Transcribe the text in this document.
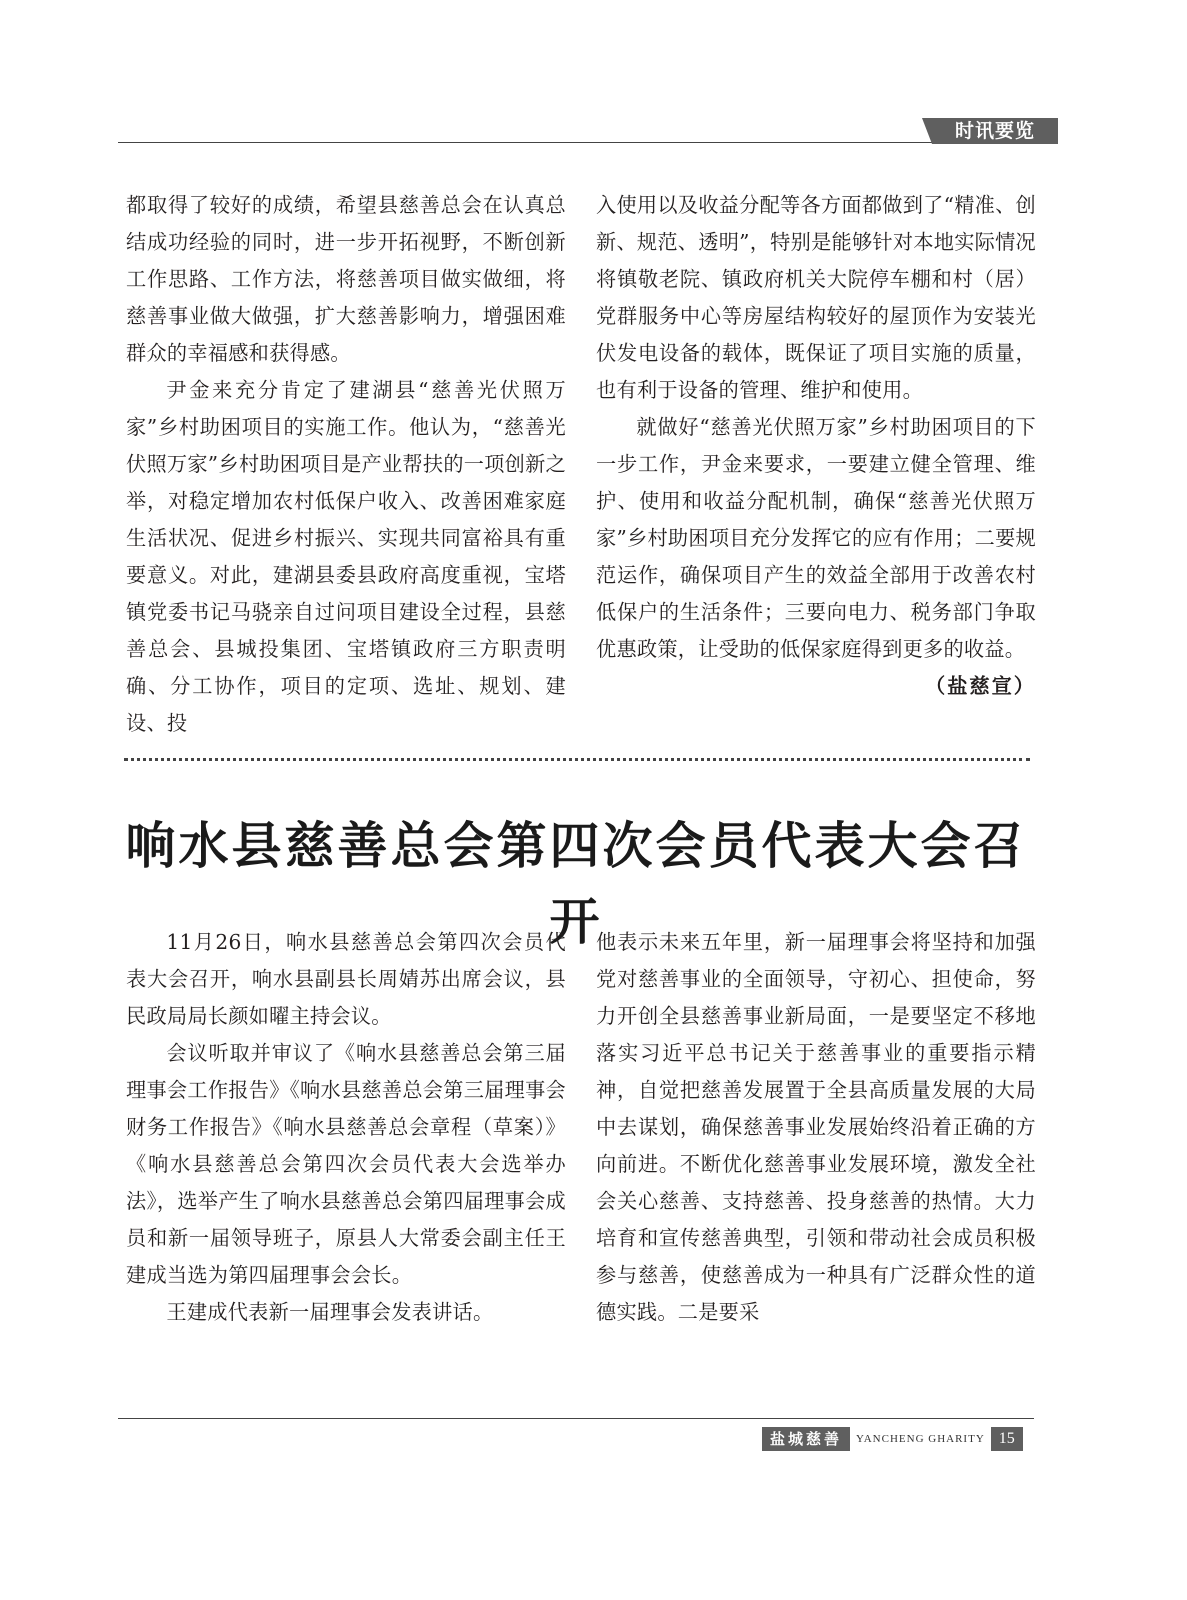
时讯要览

都取得了较好的成绩，希望县慈善总会在认真总结成功经验的同时，进一步开拓视野，不断创新工作思路、工作方法，将慈善项目做实做细，将慈善事业做大做强，扩大慈善影响力，增强困难群众的幸福感和获得感。

尹金来充分肯定了建湖县“慈善光伏照万家”乡村助困项目的实施工作。他认为，“慈善光伏照万家”乡村助困项目是产业帮扶的一项创新之举，对稳定增加农村低保户收入、改善困难家庭生活状况、促进乡村振兴、实现共同富裕具有重要意义。对此，建湖县委县政府高度重视，宝塔镇党委书记马骁亲自过问项目建设全过程，县慈善总会、县城投集团、宝塔镇政府三方职责明确、分工协作，项目的定项、选址、规划、建设、投

入使用以及收益分配等各方面都做到了“精准、创新、规范、透明”，特别是能够针对本地实际情况将镇敬老院、镇政府机关大院停车棚和村（居）党群服务中心等房屋结构较好的屋顶作为安装光伏发电设备的载体，既保证了项目实施的质量，也有利于设备的管理、维护和使用。

就做好“慈善光伏照万家”乡村助困项目的下一步工作，尹金来要求，一要建立健全管理、维护、使用和收益分配机制，确保“慈善光伏照万家”乡村助困项目充分发挥它的应有作用；二要规范运作，确保项目产生的效益全部用于改善农村低保户的生活条件；三要向电力、税务部门争取优惠政策，让受助的低保家庭得到更多的收益。
（盐慈宣）

响水县慈善总会第四次会员代表大会召开

11月26日，响水县慈善总会第四次会员代表大会召开，响水县副县长周婧苏出席会议，县民政局局长颜如曜主持会议。

会议听取并审议了《响水县慈善总会第三届理事会工作报告》《响水县慈善总会第三届理事会财务工作报告》《响水县慈善总会章程（草案）》《响水县慈善总会第四次会员代表大会选举办法》，选举产生了响水县慈善总会第四届理事会成员和新一届领导班子，原县人大常委会副主任王建成当选为第四届理事会会长。

王建成代表新一届理事会发表讲话。

他表示未来五年里，新一届理事会将坚持和加强党对慈善事业的全面领导，守初心、担使命，努力开创全县慈善事业新局面，一是要坚定不移地落实习近平总书记关于慈善事业的重要指示精神，自觉把慈善发展置于全县高质量发展的大局中去谋划，确保慈善事业发展始终沿着正确的方向前进。不断优化慈善事业发展环境，激发全社会关心慈善、支持慈善、投身慈善的热情。大力培育和宣传慈善典型，引领和带动社会成员积极参与慈善，使慈善成为一种具有广泛群众性的道德实践。二是要采

盐城慈善	YANCHENG GHARITY 15
